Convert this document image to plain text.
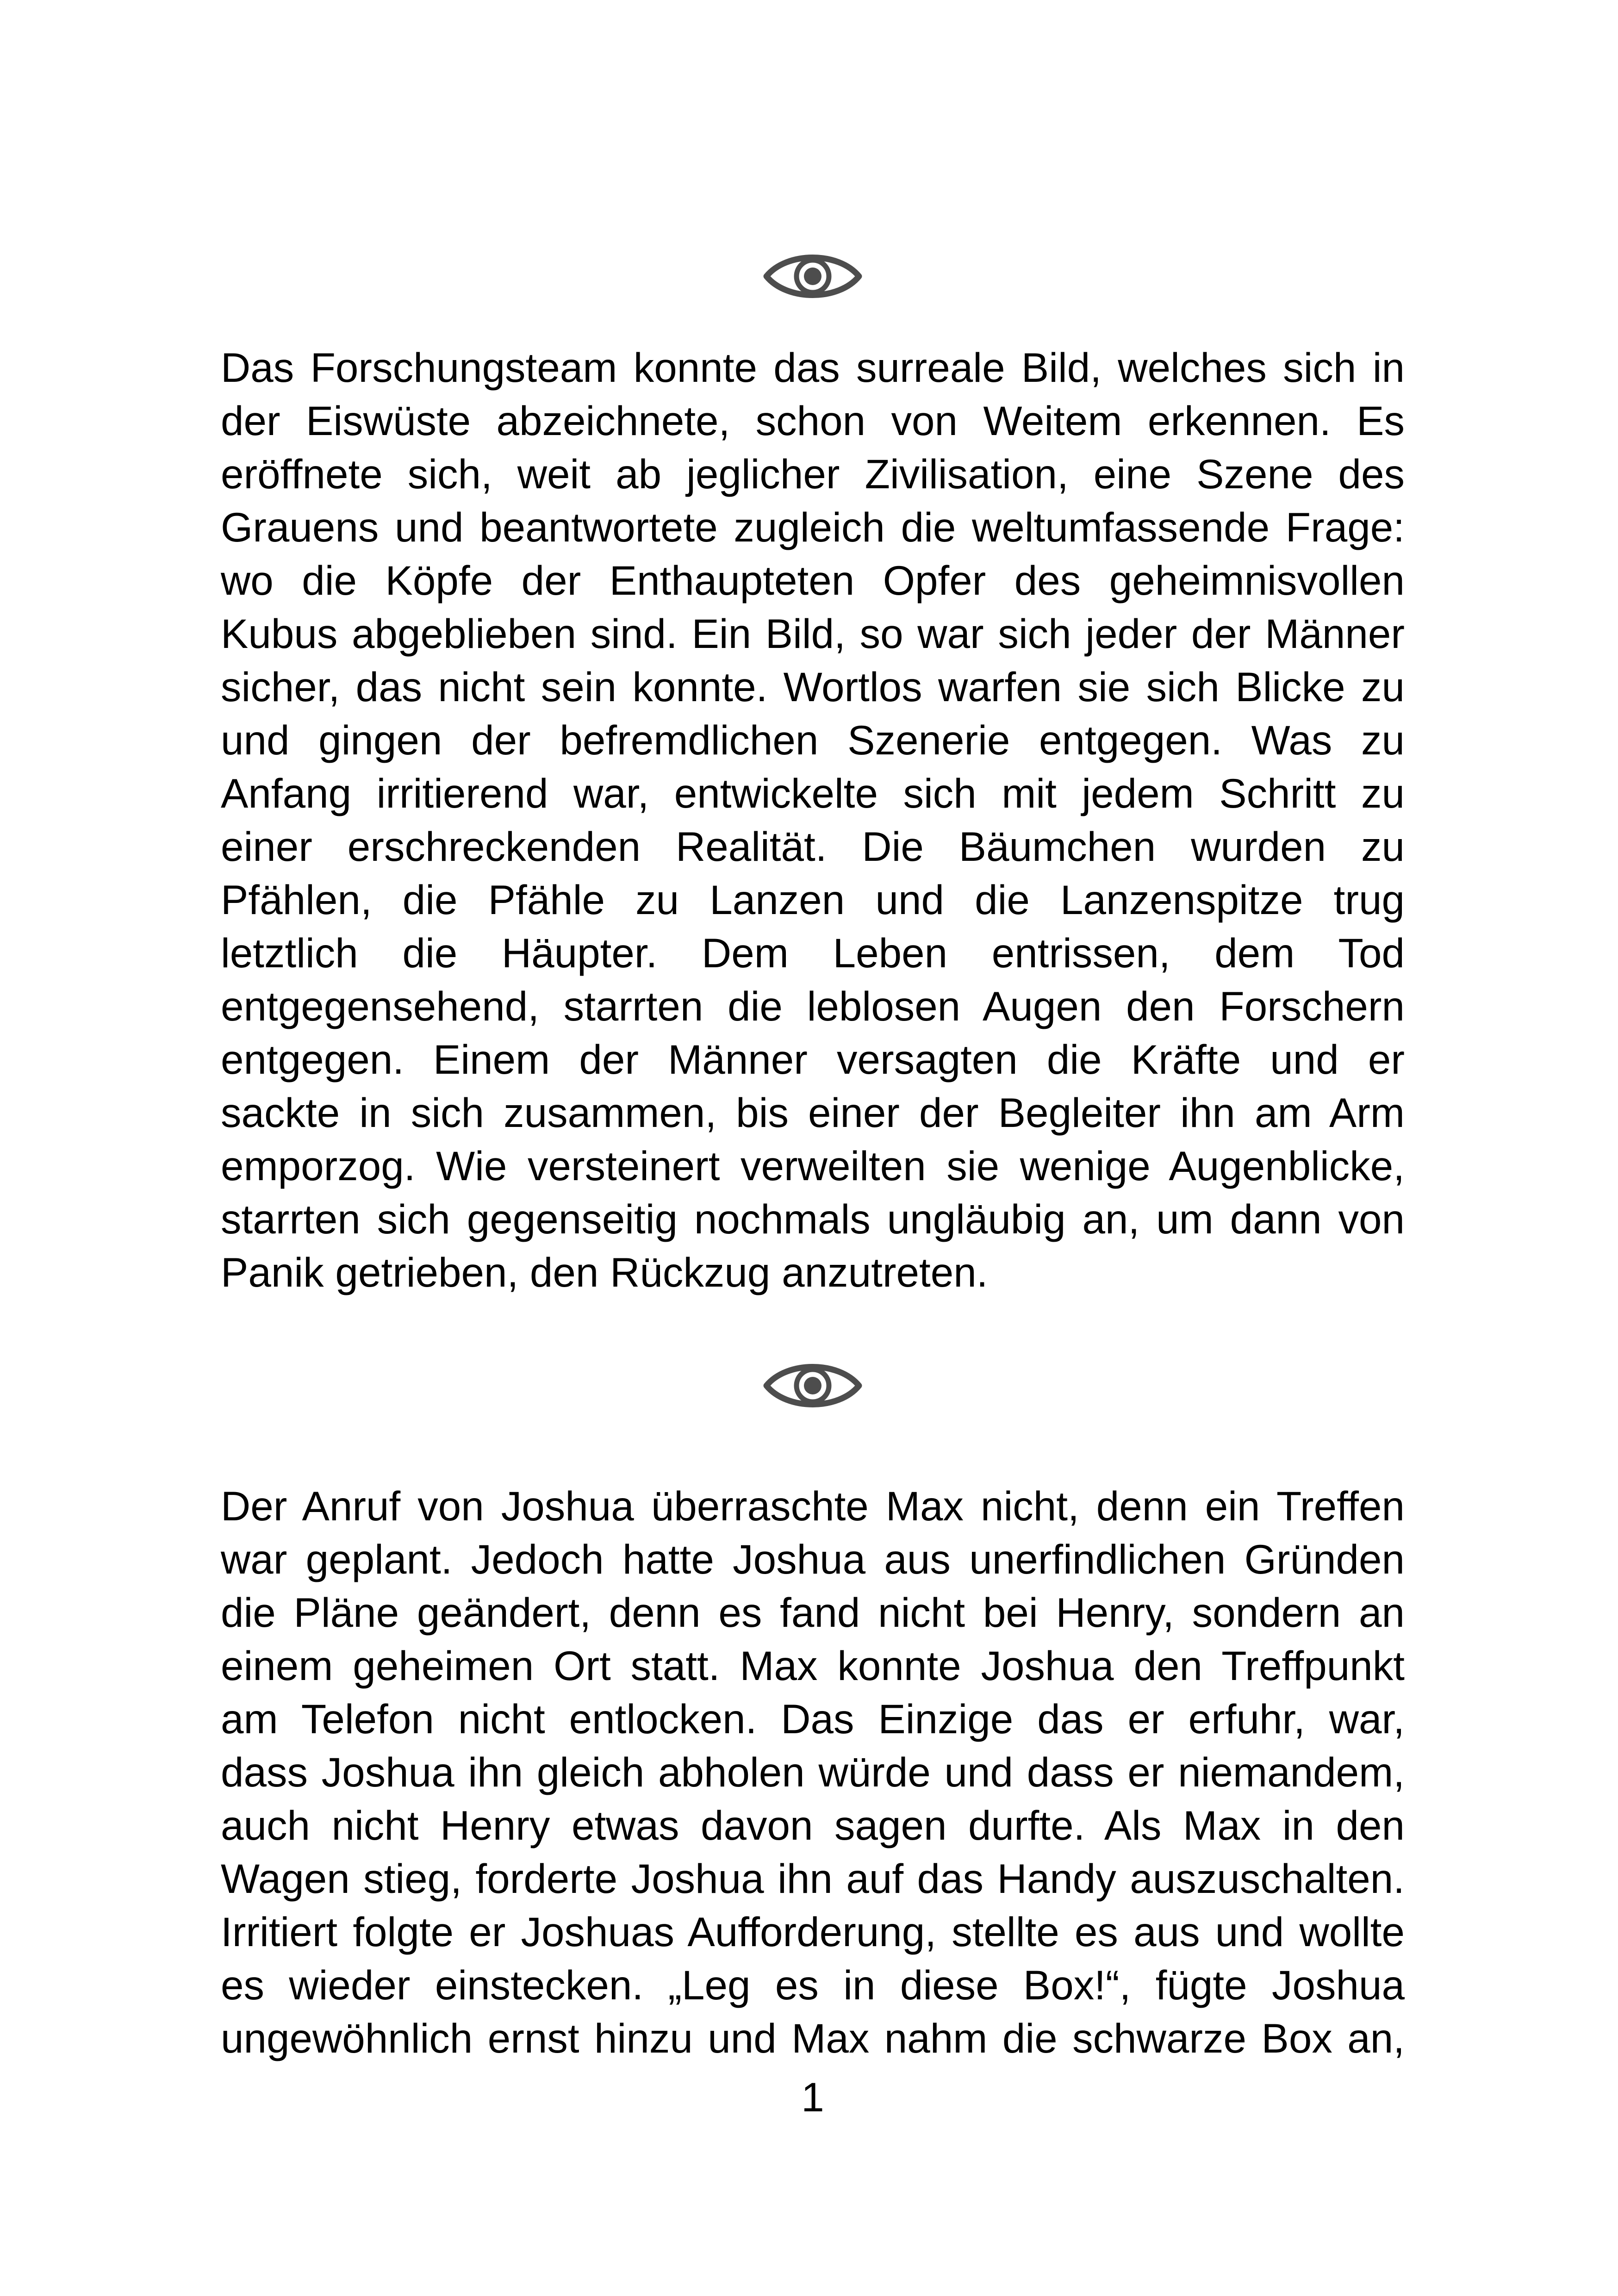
Das Forschungsteam konnte das surreale Bild, welches sich in
der Eiswüste abzeichnete, schon von Weitem erkennen. Es
eröffnete sich, weit ab jeglicher Zivilisation, eine Szene des
Grauens und beantwortete zugleich die weltumfassende Frage:
wo die Köpfe der Enthaupteten Opfer des geheimnisvollen
Kubus abgeblieben sind. Ein Bild, so war sich jeder der Männer
sicher, das nicht sein konnte. Wortlos warfen sie sich Blicke zu
und gingen der befremdlichen Szenerie entgegen. Was zu
Anfang irritierend war, entwickelte sich mit jedem Schritt zu
einer erschreckenden Realität. Die Bäumchen wurden zu
Pfählen, die Pfähle zu Lanzen und die Lanzenspitze trug
letztlich die Häupter. Dem Leben entrissen, dem Tod
entgegensehend, starrten die leblosen Augen den Forschern
entgegen. Einem der Männer versagten die Kräfte und er
sackte in sich zusammen, bis einer der Begleiter ihn am Arm
emporzog. Wie versteinert verweilten sie wenige Augenblicke,
starrten sich gegenseitig nochmals ungläubig an, um dann von
Panik getrieben, den Rückzug anzutreten.
Der Anruf von Joshua überraschte Max nicht, denn ein Treffen
war geplant. Jedoch hatte Joshua aus unerfindlichen Gründen
die Pläne geändert, denn es fand nicht bei Henry, sondern an
einem geheimen Ort statt. Max konnte Joshua den Treffpunkt
am Telefon nicht entlocken. Das Einzige das er erfuhr, war,
dass Joshua ihn gleich abholen würde und dass er niemandem,
auch nicht Henry etwas davon sagen durfte. Als Max in den
Wagen stieg, forderte Joshua ihn auf das Handy auszuschalten.
Irritiert folgte er Joshuas Aufforderung, stellte es aus und wollte
es wieder einstecken. „Leg es in diese Box!“, fügte Joshua
ungewöhnlich ernst hinzu und Max nahm die schwarze Box an,
1
